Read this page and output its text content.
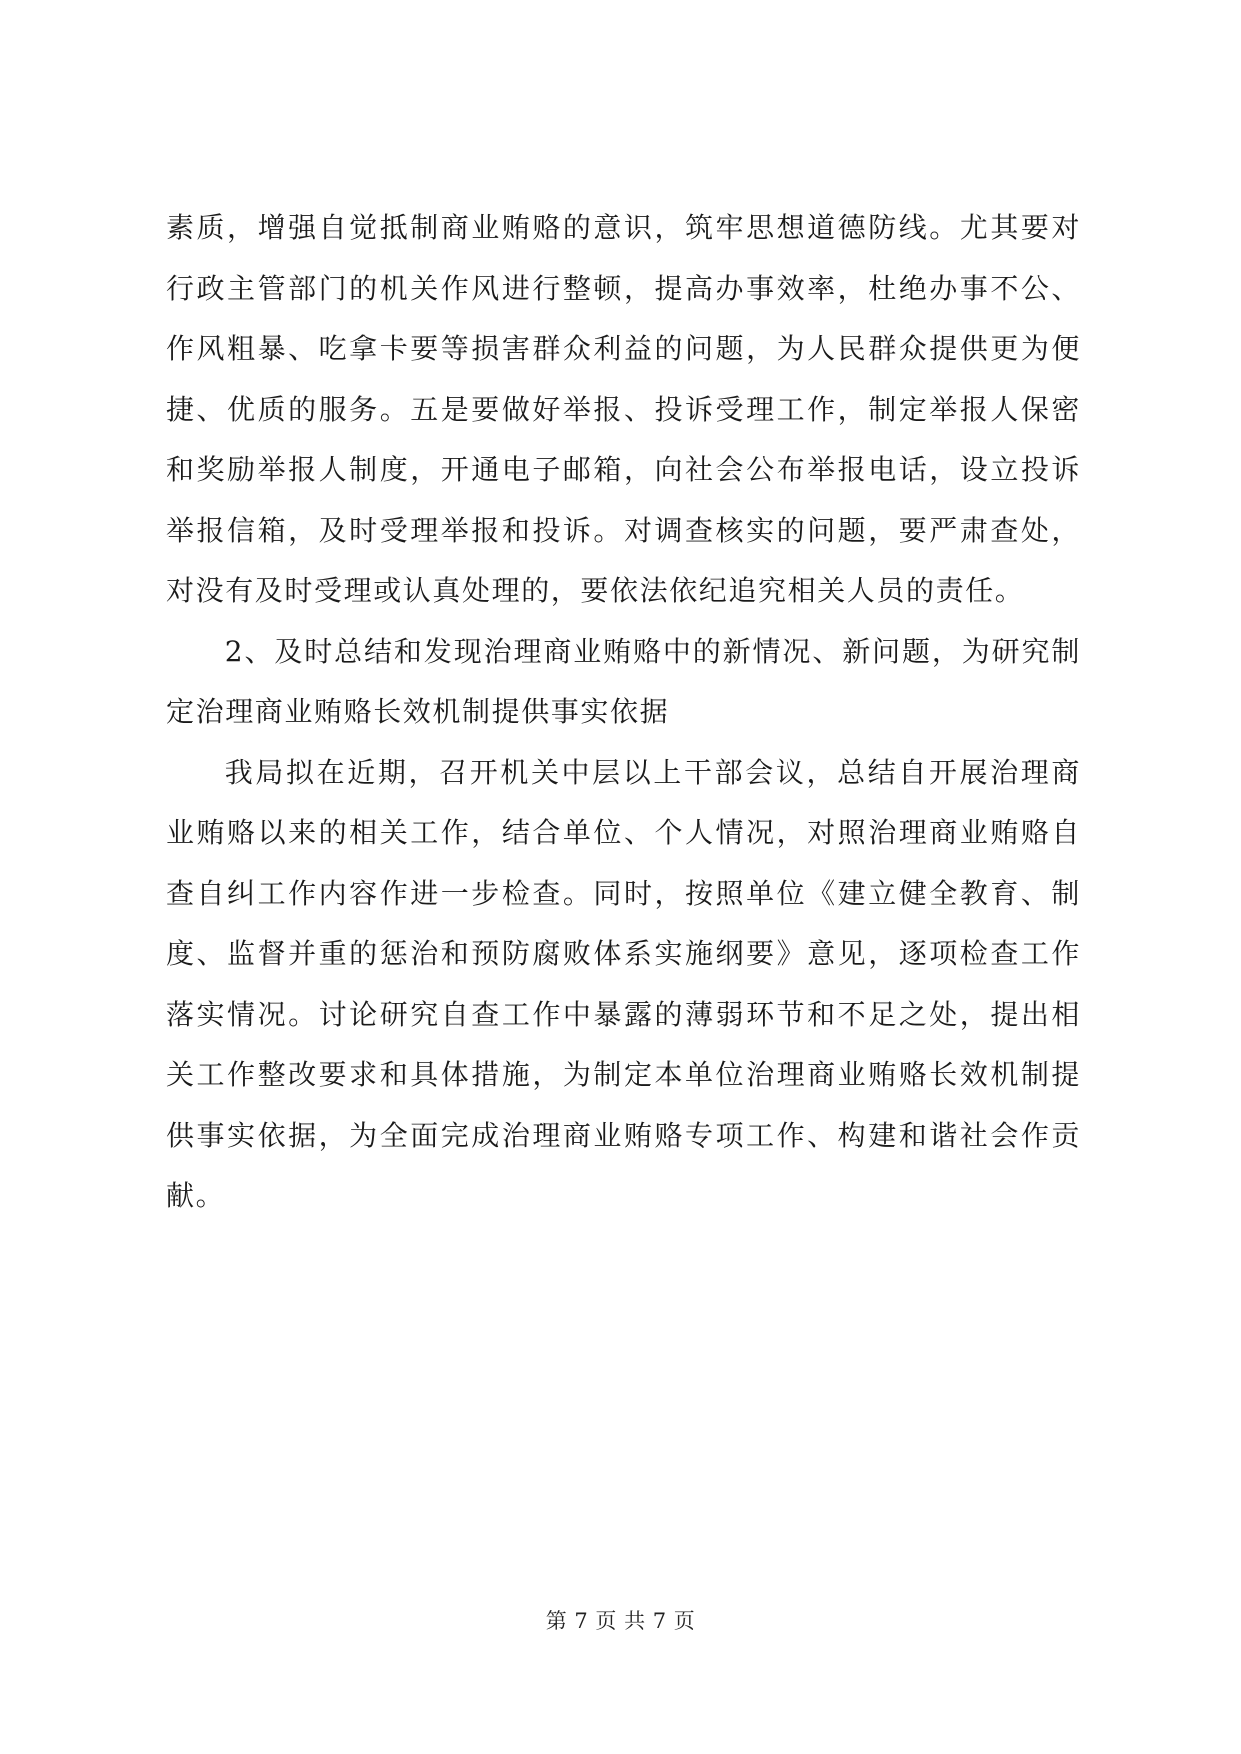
素质，增强自觉抵制商业贿赂的意识，筑牢思想道德防线。尤其要对行政主管部门的机关作风进行整顿，提高办事效率，杜绝办事不公、作风粗暴、吃拿卡要等损害群众利益的问题，为人民群众提供更为便捷、优质的服务。五是要做好举报、投诉受理工作，制定举报人保密和奖励举报人制度，开通电子邮箱，向社会公布举报电话，设立投诉举报信箱，及时受理举报和投诉。对调查核实的问题，要严肃查处，对没有及时受理或认真处理的，要依法依纪追究相关人员的责任。

2、及时总结和发现治理商业贿赂中的新情况、新问题，为研究制定治理商业贿赂长效机制提供事实依据

我局拟在近期，召开机关中层以上干部会议，总结自开展治理商业贿赂以来的相关工作，结合单位、个人情况，对照治理商业贿赂自查自纠工作内容作进一步检查。同时，按照单位《建立健全教育、制度、监督并重的惩治和预防腐败体系实施纲要》意见，逐项检查工作落实情况。讨论研究自查工作中暴露的薄弱环节和不足之处，提出相关工作整改要求和具体措施，为制定本单位治理商业贿赂长效机制提供事实依据，为全面完成治理商业贿赂专项工作、构建和谐社会作贡献。

第 7 页 共 7 页
